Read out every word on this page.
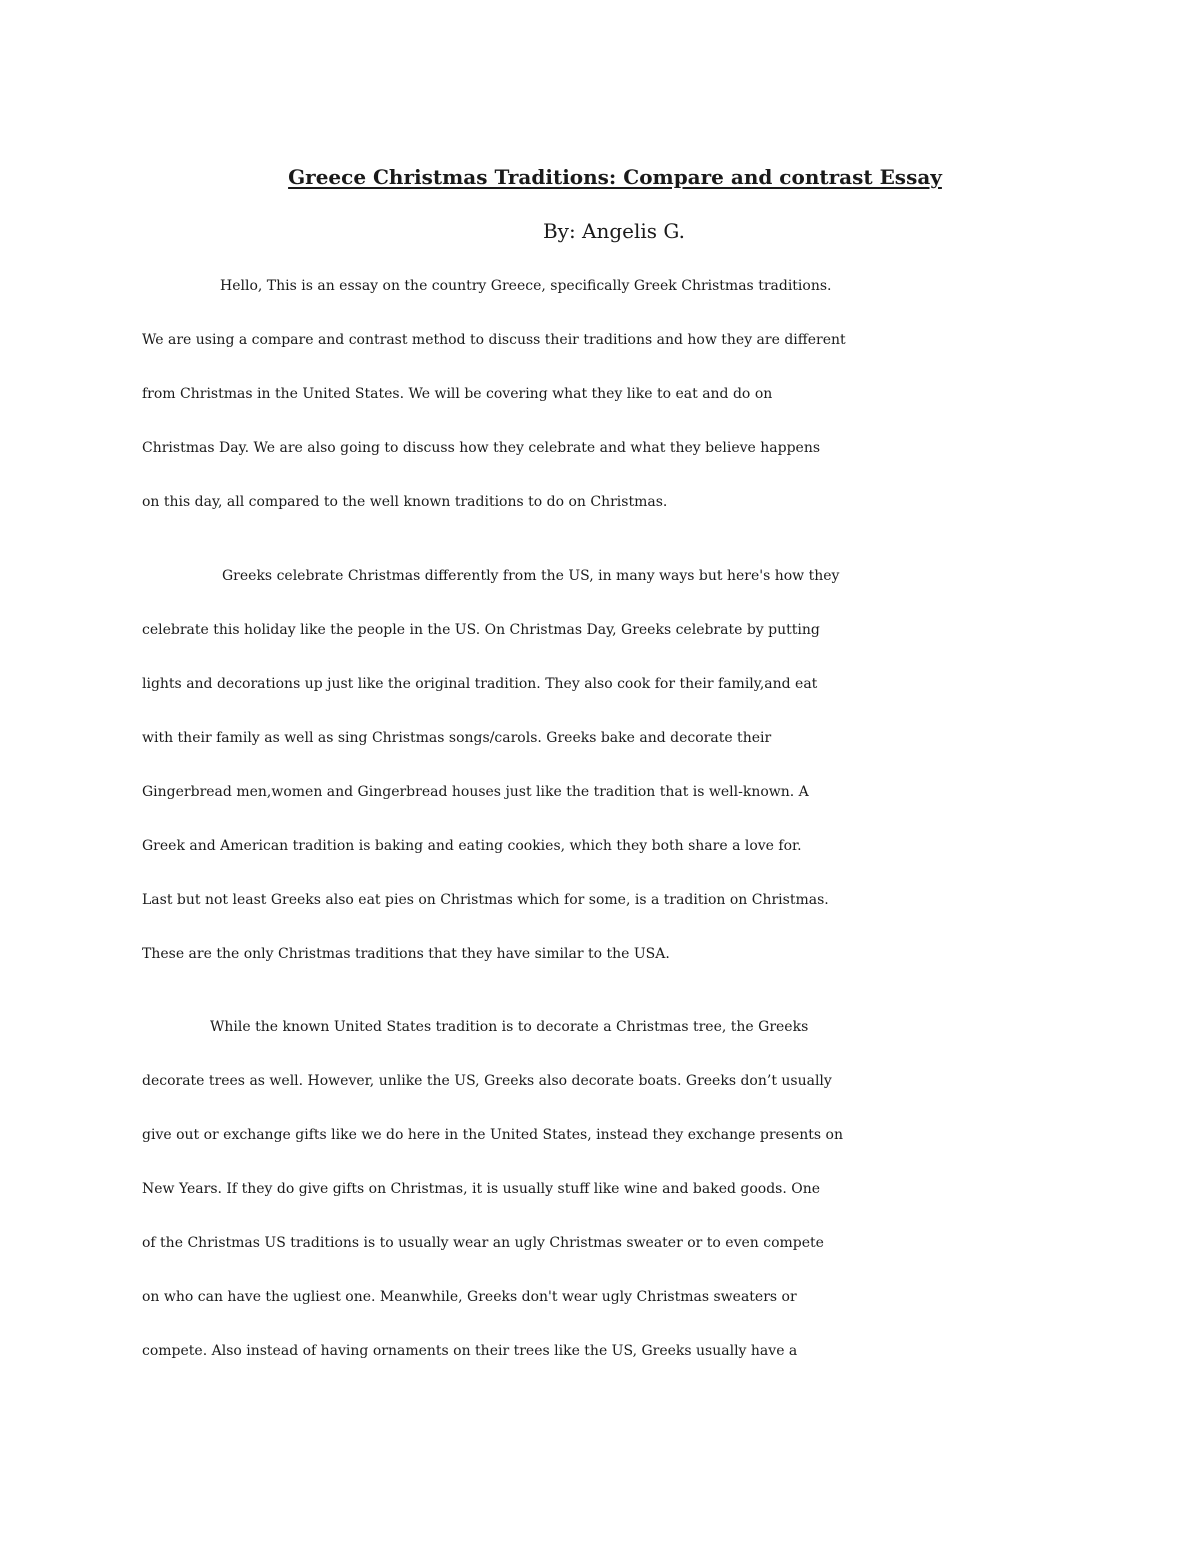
Greece Christmas Traditions: Compare and contrast Essay
By: Angelis G.
Hello, This is an essay on the country Greece, specifically Greek Christmas traditions.
We are using a compare and contrast method to discuss their traditions and how they are different
from Christmas in the United States. We will be covering what they like to eat and do on
Christmas Day. We are also going to discuss how they celebrate and what they believe happens
on this day, all compared to the well known traditions to do on Christmas.
Greeks celebrate Christmas differently from the US, in many ways but here's how they
celebrate this holiday like the people in the US. On Christmas Day, Greeks celebrate by putting
lights and decorations up just like the original tradition. They also cook for their family,and eat
with their family as well as sing Christmas songs/carols. Greeks bake and decorate their
Gingerbread men,women and Gingerbread houses just like the tradition that is well-known. A
Greek and American tradition is baking and eating cookies, which they both share a love for.
Last but not least Greeks also eat pies on Christmas which for some, is a tradition on Christmas.
These are the only Christmas traditions that they have similar to the USA.
While the known United States tradition is to decorate a Christmas tree, the Greeks
decorate trees as well. However, unlike the US, Greeks also decorate boats. Greeks don’t usually
give out or exchange gifts like we do here in the United States, instead they exchange presents on
New Years. If they do give gifts on Christmas, it is usually stuff like wine and baked goods. One
of the Christmas US traditions is to usually wear an ugly Christmas sweater or to even compete
on who can have the ugliest one. Meanwhile, Greeks don't wear ugly Christmas sweaters or
compete. Also instead of having ornaments on their trees like the US, Greeks usually have a
